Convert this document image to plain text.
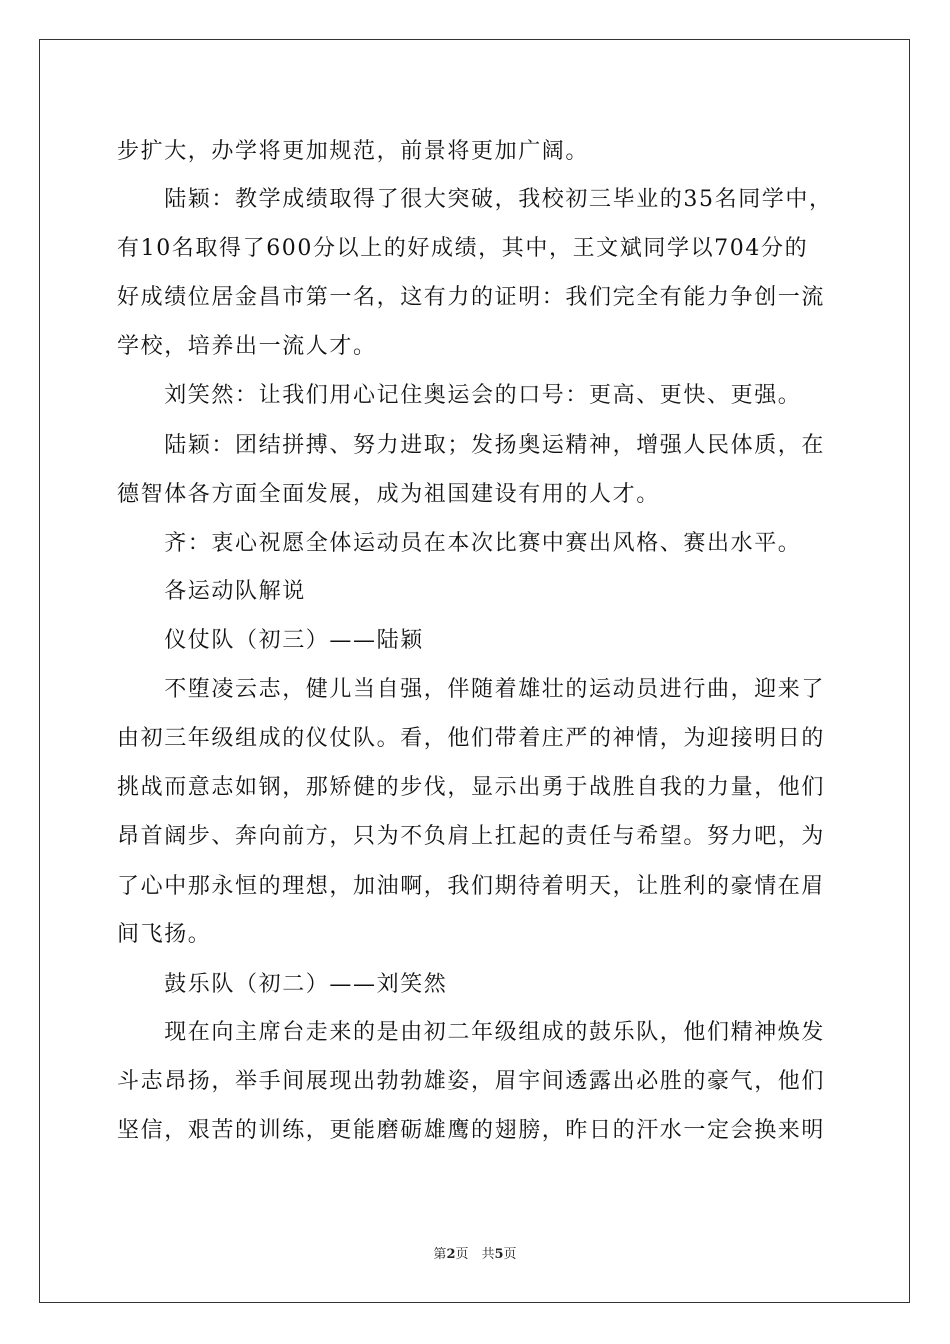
步扩大，办学将更加规范，前景将更加广阔。
　　陆颖：教学成绩取得了很大突破，我校初三毕业的35名同学中，
有10名取得了600分以上的好成绩，其中，王文斌同学以704分的
好成绩位居金昌市第一名，这有力的证明：我们完全有能力争创一流
学校，培养出一流人才。
　　刘笑然：让我们用心记住奥运会的口号：更高、更快、更强。
　　陆颖：团结拼搏、努力进取；发扬奥运精神，增强人民体质，在
德智体各方面全面发展，成为祖国建设有用的人才。
　　齐：衷心祝愿全体运动员在本次比赛中赛出风格、赛出水平。
　　各运动队解说
　　仪仗队（初三）——陆颖
　　不堕凌云志，健儿当自强，伴随着雄壮的运动员进行曲，迎来了
由初三年级组成的仪仗队。看，他们带着庄严的神情，为迎接明日的
挑战而意志如钢，那矫健的步伐，显示出勇于战胜自我的力量，他们
昂首阔步、奔向前方，只为不负肩上扛起的责任与希望。努力吧，为
了心中那永恒的理想，加油啊，我们期待着明天，让胜利的豪情在眉
间飞扬。
　　鼓乐队（初二）——刘笑然
　　现在向主席台走来的是由初二年级组成的鼓乐队，他们精神焕发
斗志昂扬，举手间展现出勃勃雄姿，眉宇间透露出必胜的豪气，他们
坚信，艰苦的训练，更能磨砺雄鹰的翅膀，昨日的汗水一定会换来明
第2页　共5页
